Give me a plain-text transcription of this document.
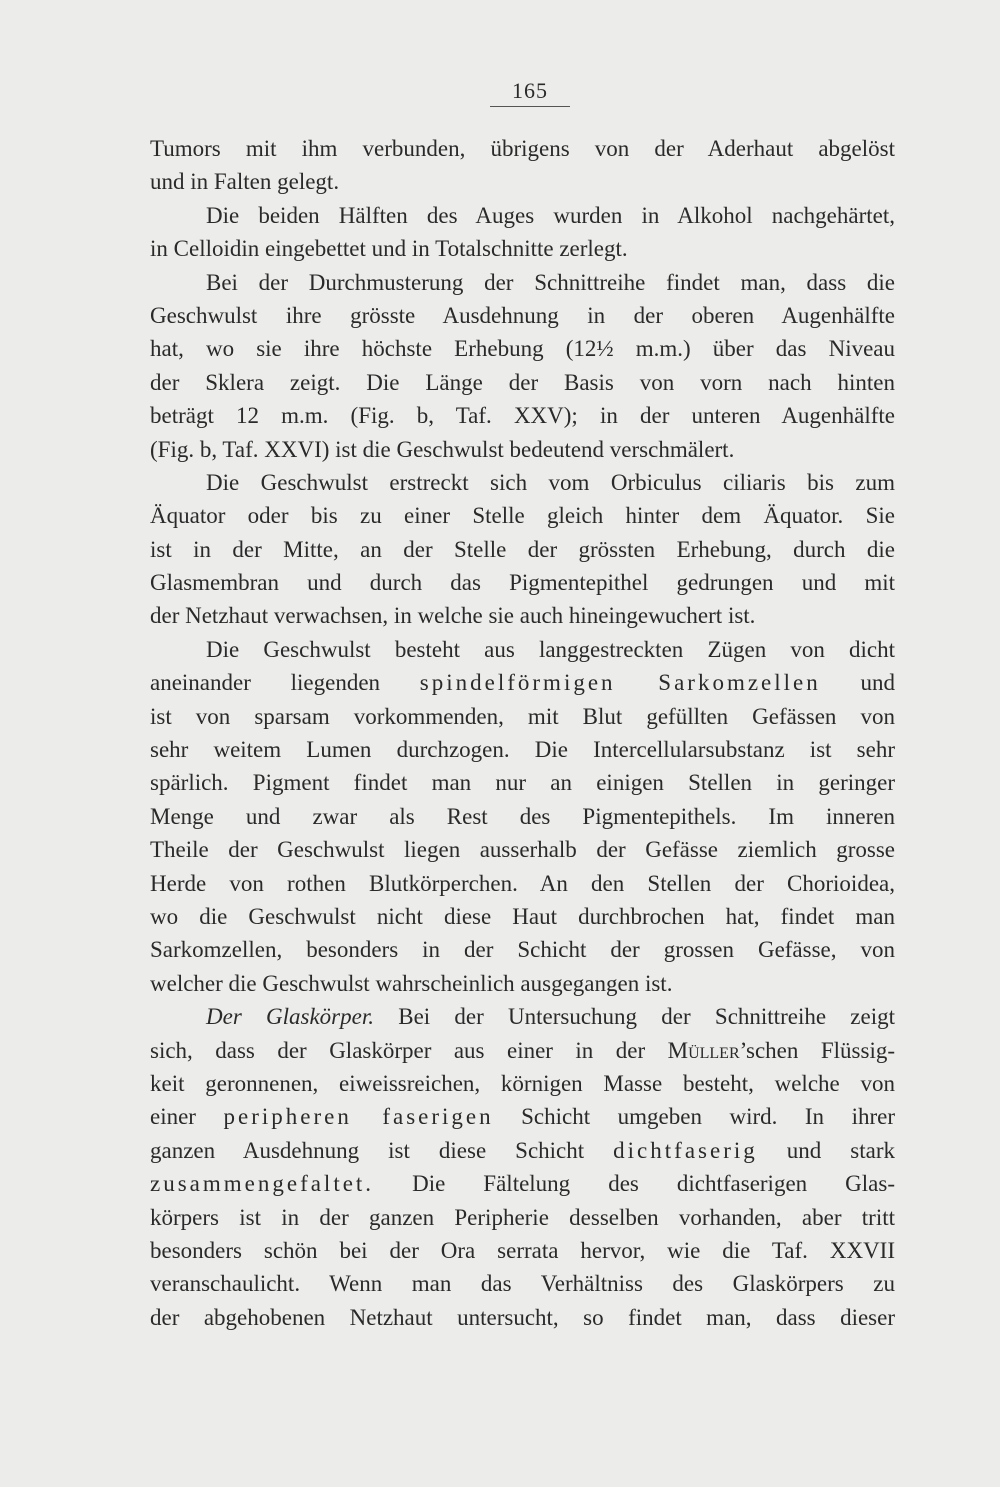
165
Tumors mit ihm verbunden, übrigens von der Aderhaut abgelöst
und in Falten gelegt.
Die beiden Hälften des Auges wurden in Alkohol nachgehärtet,
in Celloidin eingebettet und in Totalschnitte zerlegt.
Bei der Durchmusterung der Schnittreihe findet man, dass die
Geschwulst ihre grösste Ausdehnung in der oberen Augenhälfte
hat, wo sie ihre höchste Erhebung (12½ m.m.) über das Niveau
der Sklera zeigt. Die Länge der Basis von vorn nach hinten
beträgt 12 m.m. (Fig. b, Taf. XXV); in der unteren Augenhälfte
(Fig. b, Taf. XXVI) ist die Geschwulst bedeutend verschmälert.
Die Geschwulst erstreckt sich vom Orbiculus ciliaris bis zum
Äquator oder bis zu einer Stelle gleich hinter dem Äquator. Sie
ist in der Mitte, an der Stelle der grössten Erhebung, durch die
Glasmembran und durch das Pigmentepithel gedrungen und mit
der Netzhaut verwachsen, in welche sie auch hineingewuchert ist.
Die Geschwulst besteht aus langgestreckten Zügen von dicht
aneinander liegenden spindelförmigen Sarkomzellen und
ist von sparsam vorkommenden, mit Blut gefüllten Gefässen von
sehr weitem Lumen durchzogen. Die Intercellularsubstanz ist sehr
spärlich. Pigment findet man nur an einigen Stellen in geringer
Menge und zwar als Rest des Pigmentepithels. Im inneren
Theile der Geschwulst liegen ausserhalb der Gefässe ziemlich grosse
Herde von rothen Blutkörperchen. An den Stellen der Chorioidea,
wo die Geschwulst nicht diese Haut durchbrochen hat, findet man
Sarkomzellen, besonders in der Schicht der grossen Gefässe, von
welcher die Geschwulst wahrscheinlich ausgegangen ist.
Der Glaskörper. Bei der Untersuchung der Schnittreihe zeigt
sich, dass der Glaskörper aus einer in der Müller’schen Flüssig-
keit geronnenen, eiweissreichen, körnigen Masse besteht, welche von
einer peripheren faserigen Schicht umgeben wird. In ihrer
ganzen Ausdehnung ist diese Schicht dichtfaserig und stark
zusammengefaltet. Die Fältelung des dichtfaserigen Glas-
körpers ist in der ganzen Peripherie desselben vorhanden, aber tritt
besonders schön bei der Ora serrata hervor, wie die Taf. XXVII
veranschaulicht. Wenn man das Verhältniss des Glaskörpers zu
der abgehobenen Netzhaut untersucht, so findet man, dass dieser
